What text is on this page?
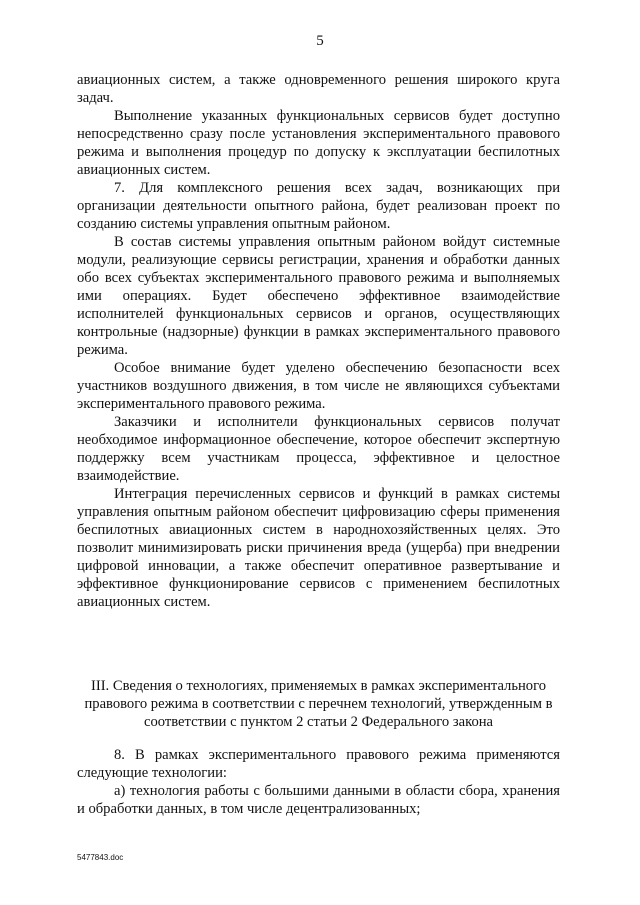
5

авиационных систем, а также одновременного решения широкого круга задач.

Выполнение указанных функциональных сервисов будет доступно непосредственно сразу после установления экспериментального правового режима и выполнения процедур по допуску к эксплуатации беспилотных авиационных систем.

7. Для комплексного решения всех задач, возникающих при организации деятельности опытного района, будет реализован проект по созданию системы управления опытным районом.

В состав системы управления опытным районом войдут системные модули, реализующие сервисы регистрации, хранения и обработки данных обо всех субъектах экспериментального правового режима и выполняемых ими операциях. Будет обеспечено эффективное взаимодействие исполнителей функциональных сервисов и органов, осуществляющих контрольные (надзорные) функции в рамках экспериментального правового режима.

Особое внимание будет уделено обеспечению безопасности всех участников воздушного движения, в том числе не являющихся субъектами экспериментального правового режима.

Заказчики и исполнители функциональных сервисов получат необходимое информационное обеспечение, которое обеспечит экспертную поддержку всем участникам процесса, эффективное и целостное взаимодействие.

Интеграция перечисленных сервисов и функций в рамках системы управления опытным районом обеспечит цифровизацию сферы применения беспилотных авиационных систем в народнохозяйственных целях. Это позволит минимизировать риски причинения вреда (ущерба) при внедрении цифровой инновации, а также обеспечит оперативное развертывание и эффективное функционирование сервисов с применением беспилотных авиационных систем.

III. Сведения о технологиях, применяемых в рамках экспериментального
правового режима в соответствии с перечнем технологий, утвержденным в
соответствии с пунктом 2 статьи 2 Федерального закона

8. В рамках экспериментального правового режима применяются следующие технологии:

а) технология работы с большими данными в области сбора, хранения и обработки данных, в том числе децентрализованных;

5477843.doc
